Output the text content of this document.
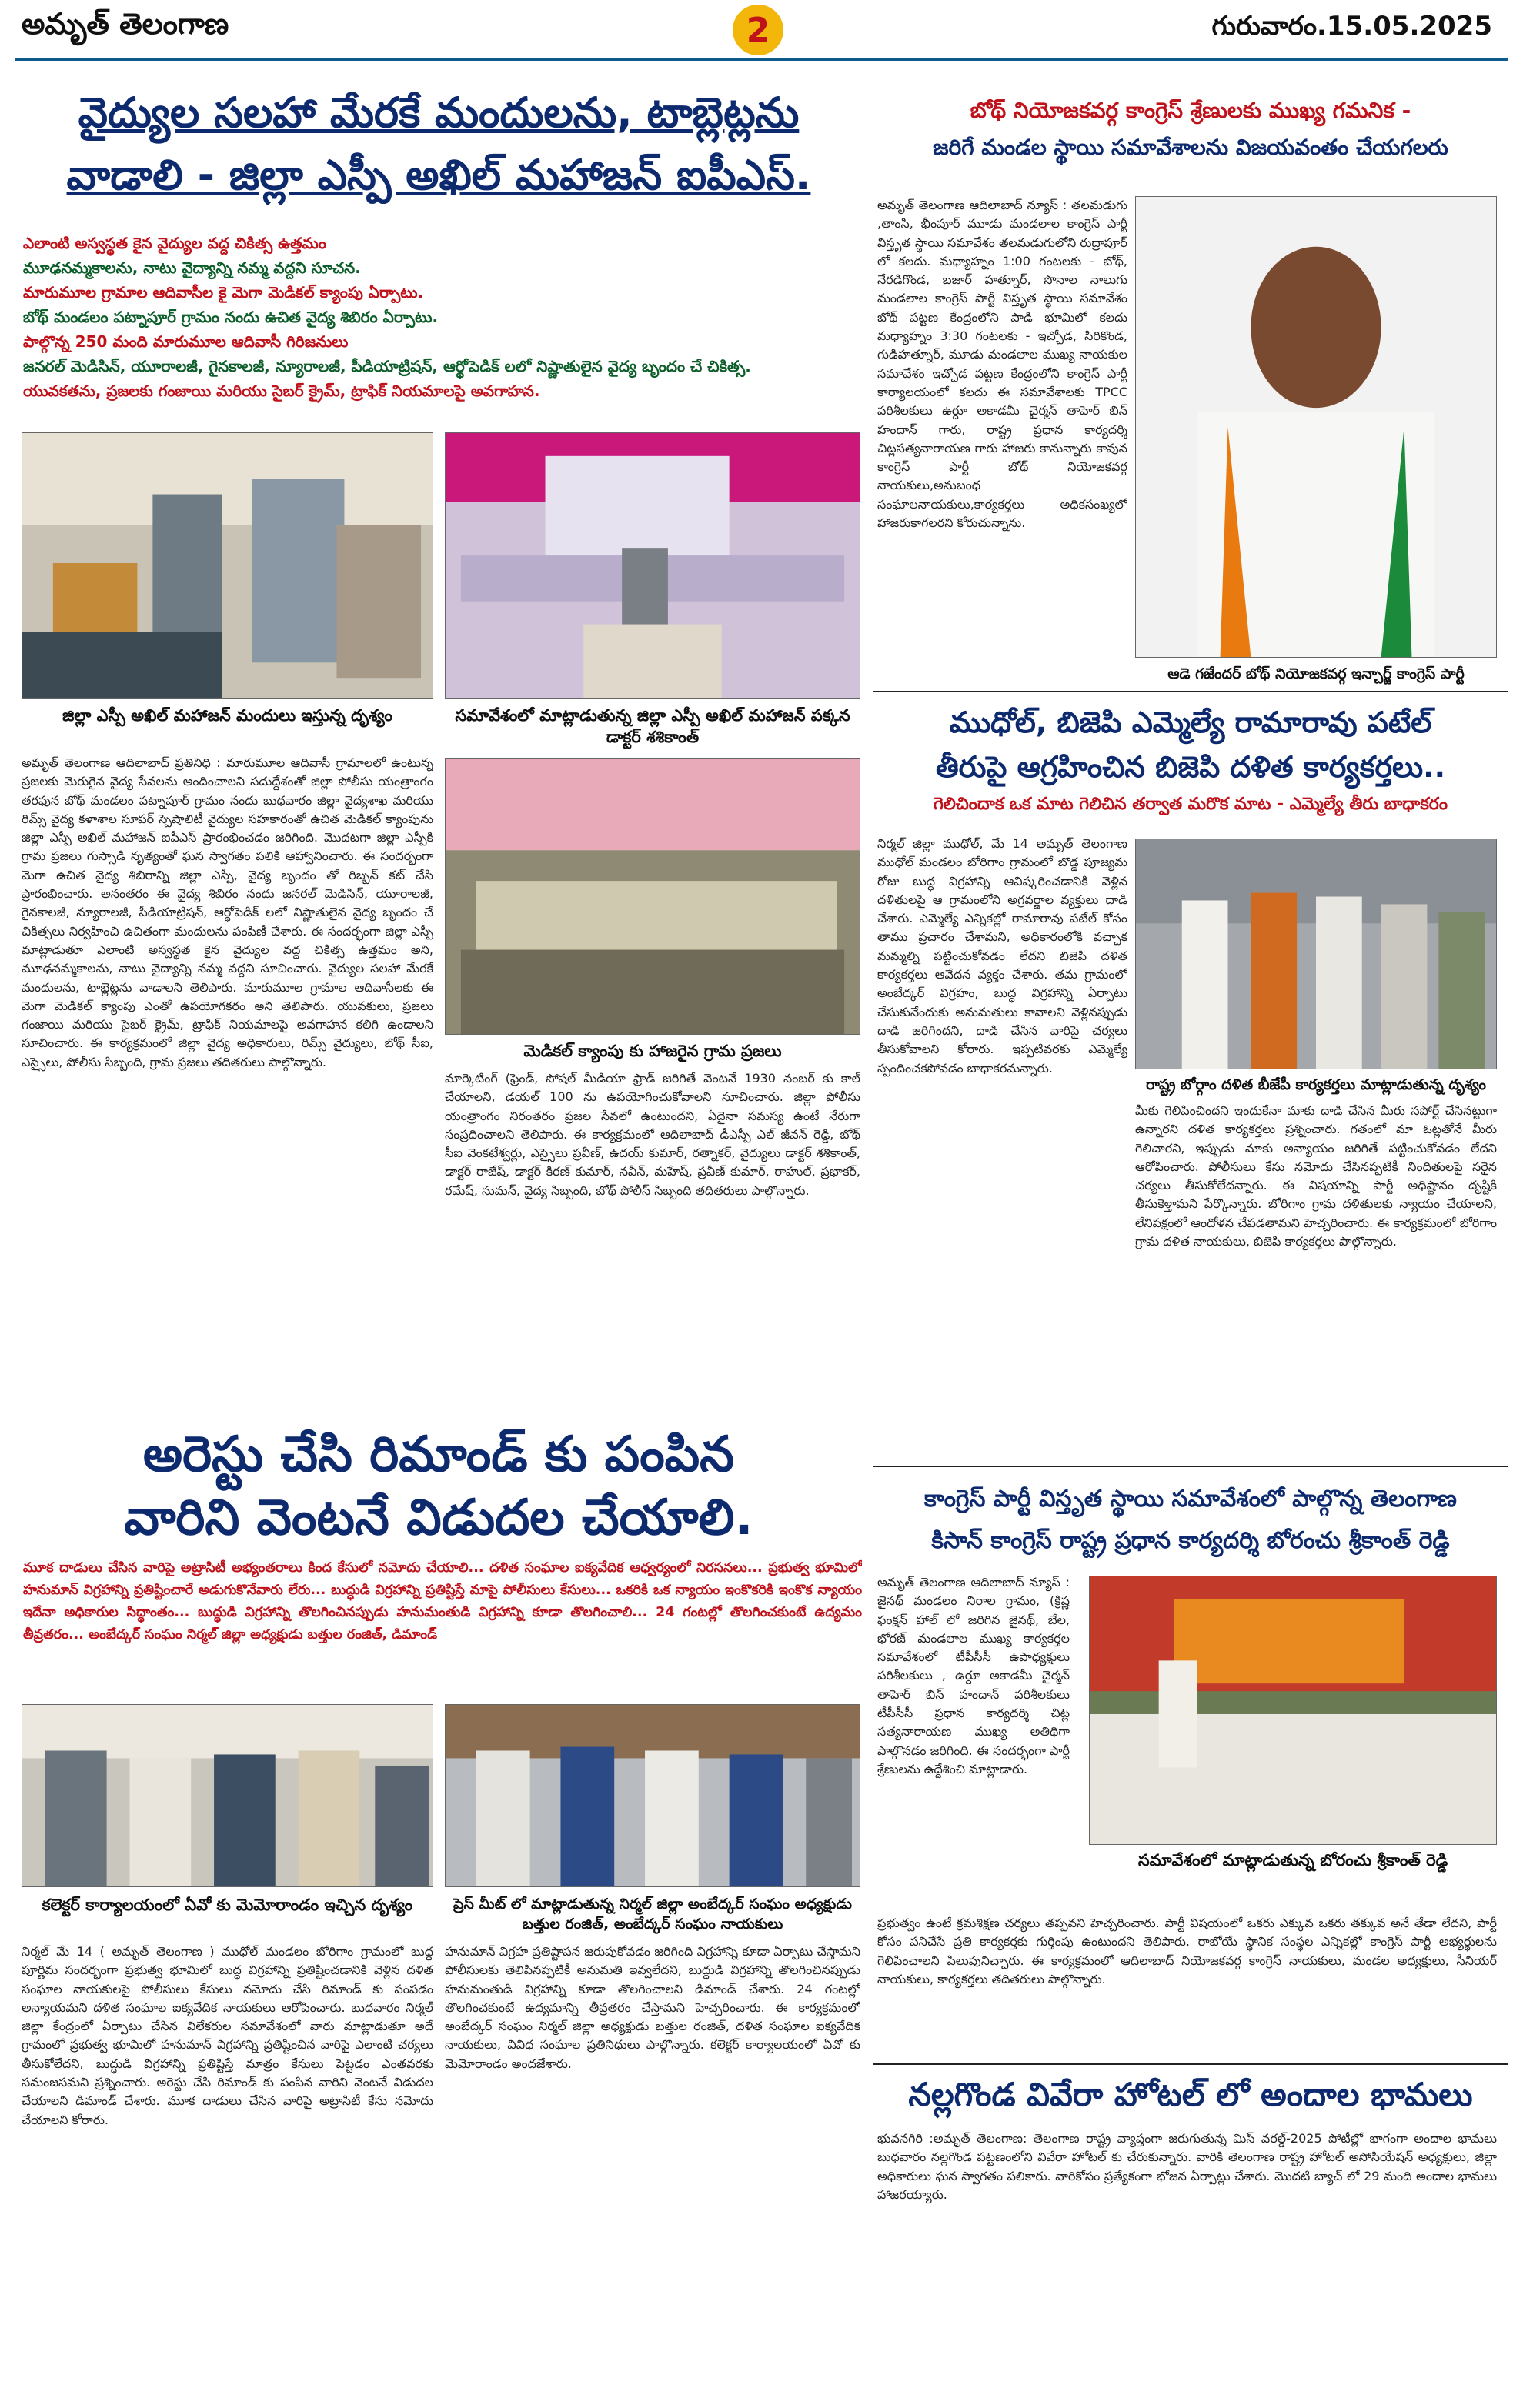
అమృత్ తెలంగాణ	2	గురువారం.15.05.2025
వైద్యుల సలహా మేరకే మందులను, టాబ్లెట్లను
వాడాలి - జిల్లా ఎస్పీ అఖిల్ మహాజన్ ఐపీఎస్.
ఎలాంటి అస్వస్థత కైన వైద్యుల వద్ద చికిత్స ఉత్తమం
మూఢనమ్మకాలను, నాటు వైద్యాన్ని నమ్మ వద్దని సూచన.
మారుమూల గ్రామాల ఆదివాసీల కై మెగా మెడికల్ క్యాంపు ఏర్పాటు.
బోథ్ మండలం పట్నాపూర్ గ్రామం నందు ఉచిత వైద్య శిబిరం ఏర్పాటు.
పాల్గొన్న 250 మంది మారుమూల ఆదివాసీ గిరిజనులు
జనరల్ మెడిసిన్, యూరాలజీ, గైనకాలజీ, న్యూరాలజీ, పీడియాట్రిషన్, ఆర్థోపెడిక్ లలో నిష్ణాతులైన వైద్య బృందం చే చికిత్స.
యువకతను, ప్రజలకు గంజాయి మరియు సైబర్ క్రైమ్, ట్రాఫిక్ నియమాలపై అవగాహన.
జిల్లా ఎస్పీ అఖిల్ మహాజన్ మందులు ఇస్తున్న దృశ్యం	సమావేశంలో మాట్లాడుతున్న జిల్లా ఎస్పీ అఖిల్ మహాజన్ పక్కన డాక్టర్ శశికాంత్
అమృత్ తెలంగాణ ఆదిలాబాద్ ప్రతినిధి : మారుమూల ఆదివాసీ గ్రామాలలో ఉంటున్న ప్రజలకు మెరుగైన వైద్య సేవలను అందించాలని సదుద్దేశంతో జిల్లా పోలీసు యంత్రాంగం తరఫున బోథ్ మండలం పట్నాపూర్ గ్రామం నందు బుధవారం జిల్లా వైద్యశాఖ మరియు రిమ్స్ వైద్య కళాశాల సూపర్ స్పెషాలిటీ వైద్యుల సహకారంతో ఉచిత మెడికల్ క్యాంపును జిల్లా ఎస్పీ అఖిల్ మహాజన్ ఐపీఎస్ ప్రారంభించడం జరిగింది. మొదటగా జిల్లా ఎస్పీకి గ్రామ ప్రజలు గుస్సాడి నృత్యంతో ఘన స్వాగతం పలికి ఆహ్వానించారు. ఈ సందర్భంగా మెగా ఉచిత వైద్య శిబిరాన్ని జిల్లా ఎస్పీ, వైద్య బృందం తో రిబ్బన్ కట్ చేసి ప్రారంభించారు. అనంతరం ఈ వైద్య శిబిరం నందు జనరల్ మెడిసిన్, యూరాలజీ, గైనకాలజీ, న్యూరాలజీ, పీడియాట్రిషన్, ఆర్థోపెడిక్ లలో నిష్ణాతులైన వైద్య బృందం చే చికిత్సలు నిర్వహించి ఉచితంగా మందులను పంపిణీ చేశారు. ఈ సందర్భంగా జిల్లా ఎస్పీ మాట్లాడుతూ ఎలాంటి అస్వస్థత కైన వైద్యుల వద్ద చికిత్స ఉత్తమం అని, మూఢనమ్మకాలను, నాటు వైద్యాన్ని నమ్మ వద్దని సూచించారు. వైద్యుల సలహా మేరకే మందులను, టాబ్లెట్లను వాడాలని తెలిపారు. మారుమూల గ్రామాల ఆదివాసీలకు ఈ మెగా మెడికల్ క్యాంపు ఎంతో ఉపయోగకరం అని తెలిపారు. యువకులు, ప్రజలు గంజాయి మరియు సైబర్ క్రైమ్, ట్రాఫిక్ నియమాలపై అవగాహన కలిగి ఉండాలని సూచించారు. ఈ కార్యక్రమంలో జిల్లా వైద్య అధికారులు, రిమ్స్ వైద్యులు, బోథ్ సీఐ, ఎస్సైలు, పోలీసు సిబ్బంది, గ్రామ ప్రజలు తదితరులు పాల్గొన్నారు.
మెడికల్ క్యాంపు కు హాజరైన గ్రామ ప్రజలు
మార్కెటింగ్ (ఫ్రెండ్, సోషల్ మీడియా ఫ్రాడ్ జరిగితే వెంటనే 1930 నంబర్ కు కాల్ చేయాలని, డయల్ 100 ను ఉపయోగించుకోవాలని సూచించారు. జిల్లా పోలీసు యంత్రాంగం నిరంతరం ప్రజల సేవలో ఉంటుందని, ఏదైనా సమస్య ఉంటే నేరుగా సంప్రదించాలని తెలిపారు. ఈ కార్యక్రమంలో ఆదిలాబాద్ డీఎస్పీ ఎల్ జీవన్ రెడ్డి, బోథ్ సీఐ వెంకటేశ్వర్లు, ఎస్సైలు ప్రవీణ్, ఉదయ్ కుమార్, రత్నాకర్, వైద్యులు డాక్టర్ శశికాంత్, డాక్టర్ రాజేష్, డాక్టర్ కిరణ్ కుమార్, నవీన్, మహేష్, ప్రవీణ్ కుమార్, రాహుల్, ప్రభాకర్, రమేష్, సుమన్, వైద్య సిబ్బంది, బోథ్ పోలీస్ సిబ్బంది తదితరులు పాల్గొన్నారు.
బోథ్ నియోజకవర్గ కాంగ్రెస్ శ్రేణులకు ముఖ్య గమనిక -
జరిగే మండల స్థాయి సమావేశాలను విజయవంతం చేయగలరు
అమృత్ తెలంగాణ ఆదిలాబాద్ న్యూస్ : తలమడుగు ,తాంసి, భీంపూర్ మూడు మండలాల కాంగ్రెస్ పార్టీ విస్తృత స్థాయి సమావేశం తలమడుగులోని రుద్రాపూర్ లో కలదు. మధ్యాహ్నం 1:00 గంటలకు - బోథ్, నేరడిగొండ, బజార్ హత్నూర్, సొనాల నాలుగు మండలాల కాంగ్రెస్ పార్టీ విస్తృత స్థాయి సమావేశం బోథ్ పట్టణ కేంద్రంలోని పాడి భూమిలో కలదు మధ్యాహ్నం 3:30 గంటలకు - ఇచ్చోడ, సిరికొండ, గుడిహత్నూర్, మూడు మండలాల ముఖ్య నాయకుల సమావేశం ఇచ్చోడ పట్టణ కేంద్రంలోని కాంగ్రెస్ పార్టీ కార్యాలయంలో కలదు ఈ సమావేశాలకు TPCC పరిశీలకులు ఉర్దూ అకాడమీ చైర్మన్ తాహెర్ బిన్ హందాన్ గారు, రాష్ట్ర ప్రధాన కార్యదర్శి చిట్లసత్యనారాయణ గారు హాజరు కానున్నారు కావున కాంగ్రెస్ పార్టీ బోథ్ నియోజకవర్గ నాయకులు,అనుబంధ సంఘాలనాయకులు,కార్యకర్తలు అధికసంఖ్యలో హాజరుకాగలరని కోరుచున్నాను.
ఆడె గజేందర్ బోథ్ నియోజకవర్గ ఇన్చార్జ్ కాంగ్రెస్ పార్టీ
ముధోల్, బిజెపి ఎమ్మెల్యే రామారావు పటేల్
తీరుపై ఆగ్రహించిన బిజెపి దళిత కార్యకర్తలు..
గెలిచిందాక ఒక మాట గెలిచిన తర్వాత మరొక మాట - ఎమ్మెల్యే తీరు బాధాకరం
నిర్మల్ జిల్లా ముధోల్, మే 14 అమృత్ తెలంగాణ ముధోల్ మండలం బోరిగాం గ్రామంలో బొడ్డ పూజ్యమ రోజు బుద్ధ విగ్రహాన్ని ఆవిష్కరించడానికి వెళ్లిన దళితులపై ఆ గ్రామంలోని అగ్రవర్ణాల వ్యక్తులు దాడి చేశారు. ఎమ్మెల్యే ఎన్నికల్లో రామారావు పటేల్ కోసం తాము ప్రచారం చేశామని, అధికారంలోకి వచ్చాక మమ్మల్ని పట్టించుకోవడం లేదని బిజెపి దళిత కార్యకర్తలు ఆవేదన వ్యక్తం చేశారు. తమ గ్రామంలో అంబేద్కర్ విగ్రహం, బుద్ధ విగ్రహాన్ని ఏర్పాటు చేసుకునేందుకు అనుమతులు కావాలని వెళ్లినప్పుడు దాడి జరిగిందని, దాడి చేసిన వారిపై చర్యలు తీసుకోవాలని కోరారు. ఇప్పటివరకు ఎమ్మెల్యే స్పందించకపోవడం బాధాకరమన్నారు.
రాష్ట్ర బోర్గాం దళిత బీజేపీ కార్యకర్తలు మాట్లాడుతున్న దృశ్యం
మీకు గెలిపించిందని ఇందుకేనా మాకు దాడి చేసిన మీరు సపోర్ట్ చేసినట్టుగా ఉన్నారని దళిత కార్యకర్తలు ప్రశ్నించారు. గతంలో మా ఓట్లతోనే మీరు గెలిచారని, ఇప్పుడు మాకు అన్యాయం జరిగితే పట్టించుకోవడం లేదని ఆరోపించారు. పోలీసులు కేసు నమోదు చేసినప్పటికీ నిందితులపై సరైన చర్యలు తీసుకోలేదన్నారు. ఈ విషయాన్ని పార్టీ అధిష్టానం దృష్టికి తీసుకెళ్తామని పేర్కొన్నారు. బోరిగాం గ్రామ దళితులకు న్యాయం చేయాలని, లేనిపక్షంలో ఆందోళన చేపడతామని హెచ్చరించారు. ఈ కార్యక్రమంలో బోరిగాం గ్రామ దళిత నాయకులు, బిజెపి కార్యకర్తలు పాల్గొన్నారు.
అరెస్టు చేసి రిమాండ్ కు పంపిన
వారిని వెంటనే విడుదల చేయాలి.
మూక దాడులు చేసిన వారిపై అట్రాసిటీ అభ్యంతరాలు కింద కేసులో నమోదు చేయాలి... దళిత సంఘాల ఐక్యవేదిక ఆధ్వర్యంలో నిరసనలు... ప్రభుత్వ భూమిలో హనుమాన్ విగ్రహాన్ని ప్రతిష్టించారే అడుగుకొనేవారు లేరు... బుద్ధుడి విగ్రహాన్ని ప్రతిష్టిస్తే మాపై పోలీసులు కేసులు... ఒకరికి ఒక న్యాయం ఇంకొకరికి ఇంకొక న్యాయం ఇదేనా అధికారుల సిద్ధాంతం... బుద్ధుడి విగ్రహాన్ని తొలగించినప్పుడు హనుమంతుడి విగ్రహాన్ని కూడా తొలగించాలి... 24 గంటల్లో తొలగించకుంటే ఉద్యమం తీవ్రతరం... అంబేద్కర్ సంఘం నిర్మల్ జిల్లా అధ్యక్షుడు బత్తుల రంజిత్, డిమాండ్
కలెక్టర్ కార్యాలయంలో ఏవో కు మెమోరాండం ఇచ్చిన దృశ్యం	ప్రెస్ మీట్ లో మాట్లాడుతున్న నిర్మల్ జిల్లా అంబేద్కర్ సంఘం అధ్యక్షుడు బత్తుల రంజిత్, అంబేద్కర్ సంఘం నాయకులు
నిర్మల్ మే 14 ( అమృత్ తెలంగాణ ) ముధోల్ మండలం బోరిగాం గ్రామంలో బుద్ధ పూర్ణిమ సందర్భంగా ప్రభుత్వ భూమిలో బుద్ధ విగ్రహాన్ని ప్రతిష్టించడానికి వెళ్లిన దళిత సంఘాల నాయకులపై పోలీసులు కేసులు నమోదు చేసి రిమాండ్ కు పంపడం అన్యాయమని దళిత సంఘాల ఐక్యవేదిక నాయకులు ఆరోపించారు. బుధవారం నిర్మల్ జిల్లా కేంద్రంలో ఏర్పాటు చేసిన విలేకరుల సమావేశంలో వారు మాట్లాడుతూ అదే గ్రామంలో ప్రభుత్వ భూమిలో హనుమాన్ విగ్రహాన్ని ప్రతిష్టించిన వారిపై ఎలాంటి చర్యలు తీసుకోలేదని, బుద్ధుడి విగ్రహాన్ని ప్రతిష్టిస్తే మాత్రం కేసులు పెట్టడం ఎంతవరకు సమంజసమని ప్రశ్నించారు. అరెస్టు చేసి రిమాండ్ కు పంపిన వారిని వెంటనే విడుదల చేయాలని డిమాండ్ చేశారు. మూక దాడులు చేసిన వారిపై అట్రాసిటీ కేసు నమోదు చేయాలని కోరారు.
హనుమాన్ విగ్రహ ప్రతిష్టాపన జరుపుకోవడం జరిగింది విగ్రహాన్ని కూడా ఏర్పాటు చేస్తామని పోలీసులకు తెలిపినప్పటికీ అనుమతి ఇవ్వలేదని, బుద్ధుడి విగ్రహాన్ని తొలగించినప్పుడు హనుమంతుడి విగ్రహాన్ని కూడా తొలగించాలని డిమాండ్ చేశారు. 24 గంటల్లో తొలగించకుంటే ఉద్యమాన్ని తీవ్రతరం చేస్తామని హెచ్చరించారు. ఈ కార్యక్రమంలో అంబేద్కర్ సంఘం నిర్మల్ జిల్లా అధ్యక్షుడు బత్తుల రంజిత్, దళిత సంఘాల ఐక్యవేదిక నాయకులు, వివిధ సంఘాల ప్రతినిధులు పాల్గొన్నారు. కలెక్టర్ కార్యాలయంలో ఏవో కు మెమోరాండం అందజేశారు.
కాంగ్రెస్ పార్టీ విస్తృత స్థాయి సమావేశంలో పాల్గొన్న తెలంగాణ
కిసాన్ కాంగ్రెస్ రాష్ట్ర ప్రధాన కార్యదర్శి బోరంచు శ్రీకాంత్ రెడ్డి
అమృత్ తెలంగాణ ఆదిలాబాద్ న్యూస్ : జైనథ్ మండలం నిరాల గ్రామం, (క్రిష్ణ ఫంక్షన్ హాల్ లో జరిగిన జైనథ్, బేల, భోరజ్ మండలాల ముఖ్య కార్యకర్తల సమావేశంలో టీపీసీసీ ఉపాధ్యక్షులు పరిశీలకులు , ఉర్దూ అకాడమీ చైర్మన్ తాహెర్ బిన్ హందాన్ పరిశీలకులు టీపీసీసీ ప్రధాన కార్యదర్శి చిట్ల సత్యనారాయణ ముఖ్య అతిథిగా పాల్గొనడం జరిగింది. ఈ సందర్భంగా పార్టీ శ్రేణులను ఉద్దేశించి మాట్లాడారు.
సమావేశంలో మాట్లాడుతున్న బోరంచు శ్రీకాంత్ రెడ్డి
ప్రభుత్వం ఉంటే క్రమశిక్షణ చర్యలు తప్పవని హెచ్చరించారు. పార్టీ విషయంలో ఒకరు ఎక్కువ ఒకరు తక్కువ అనే తేడా లేదని, పార్టీ కోసం పనిచేసే ప్రతి కార్యకర్తకు గుర్తింపు ఉంటుందని తెలిపారు. రాబోయే స్థానిక సంస్థల ఎన్నికల్లో కాంగ్రెస్ పార్టీ అభ్యర్థులను గెలిపించాలని పిలుపునిచ్చారు. ఈ కార్యక్రమంలో ఆదిలాబాద్ నియోజకవర్గ కాంగ్రెస్ నాయకులు, మండల అధ్యక్షులు, సీనియర్ నాయకులు, కార్యకర్తలు తదితరులు పాల్గొన్నారు.
నల్లగొండ వివేరా హోటల్ లో అందాల భామలు
భువనగిరి :అమృత్ తెలంగాణ: తెలంగాణ రాష్ట్ర వ్యాప్తంగా జరుగుతున్న మిస్ వరల్డ్-2025 పోటీల్లో భాగంగా అందాల భామలు బుధవారం నల్లగొండ పట్టణంలోని వివేరా హోటల్ కు చేరుకున్నారు. వారికి తెలంగాణ రాష్ట్ర హోటల్ అసోసియేషన్ అధ్యక్షులు, జిల్లా అధికారులు ఘన స్వాగతం పలికారు. వారికోసం ప్రత్యేకంగా భోజన ఏర్పాట్లు చేశారు. మొదటి బ్యాచ్ లో 29 మంది అందాల భామలు హాజరయ్యారు.
